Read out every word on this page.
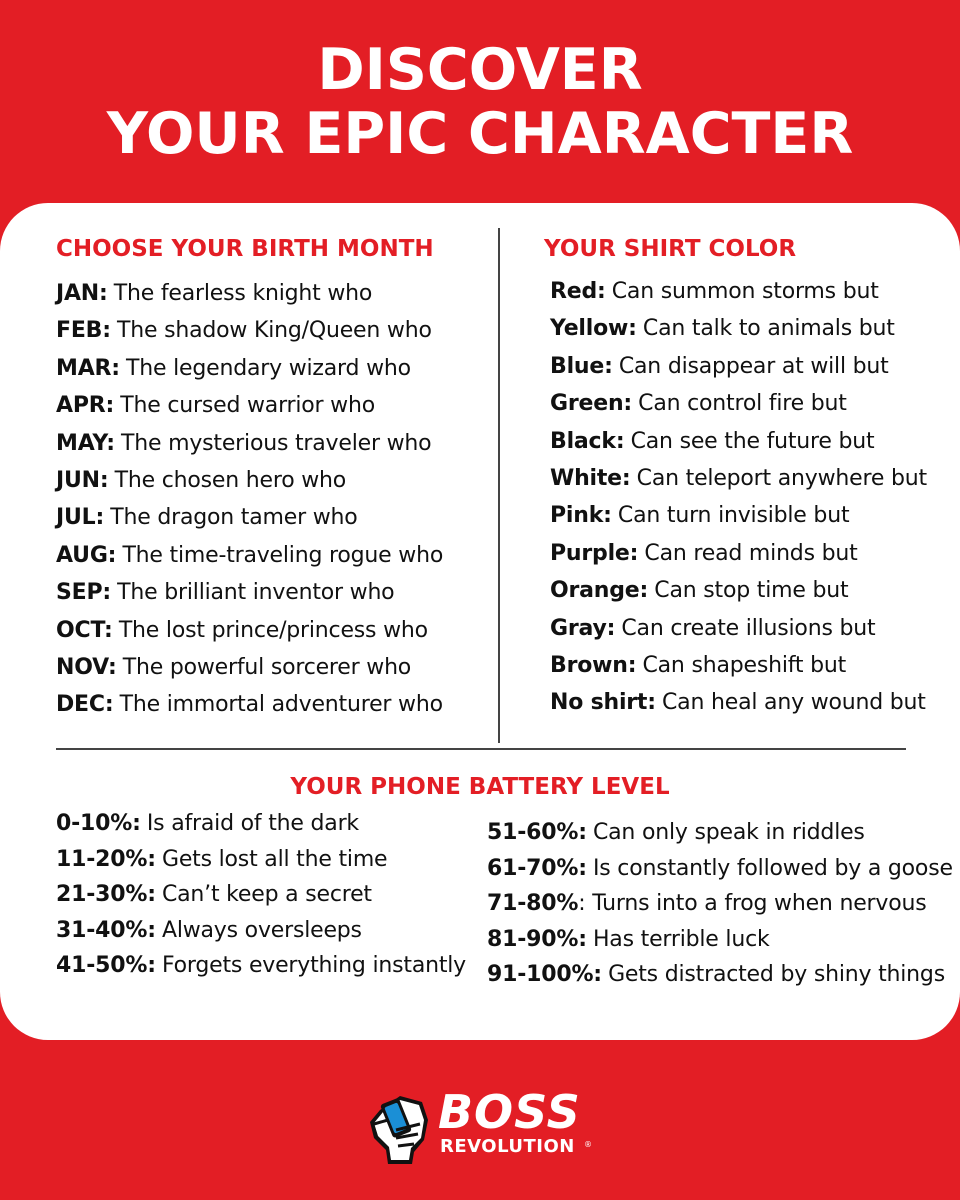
DISCOVER
YOUR EPIC CHARACTER
CHOOSE YOUR BIRTH MONTH
JAN: The fearless knight who
FEB: The shadow King/Queen who
MAR: The legendary wizard who
APR: The cursed warrior who
MAY: The mysterious traveler who
JUN: The chosen hero who
JUL: The dragon tamer who
AUG: The time-traveling rogue who
SEP: The brilliant inventor who
OCT: The lost prince/princess who
NOV: The powerful sorcerer who
DEC: The immortal adventurer who
YOUR SHIRT COLOR
Red: Can summon storms but
Yellow: Can talk to animals but
Blue: Can disappear at will but
Green: Can control fire but
Black: Can see the future but
White: Can teleport anywhere but
Pink: Can turn invisible but
Purple: Can read minds but
Orange: Can stop time but
Gray: Can create illusions but
Brown: Can shapeshift but
No shirt: Can heal any wound but
YOUR PHONE BATTERY LEVEL
0-10%: Is afraid of the dark
11-20%: Gets lost all the time
21-30%: Can’t keep a secret
31-40%: Always oversleeps
41-50%: Forgets everything instantly
51-60%: Can only speak in riddles
61-70%: Is constantly followed by a goose
71-80%: Turns into a frog when nervous
81-90%: Has terrible luck
91-100%: Gets distracted by shiny things
BOSS
REVOLUTION ®
